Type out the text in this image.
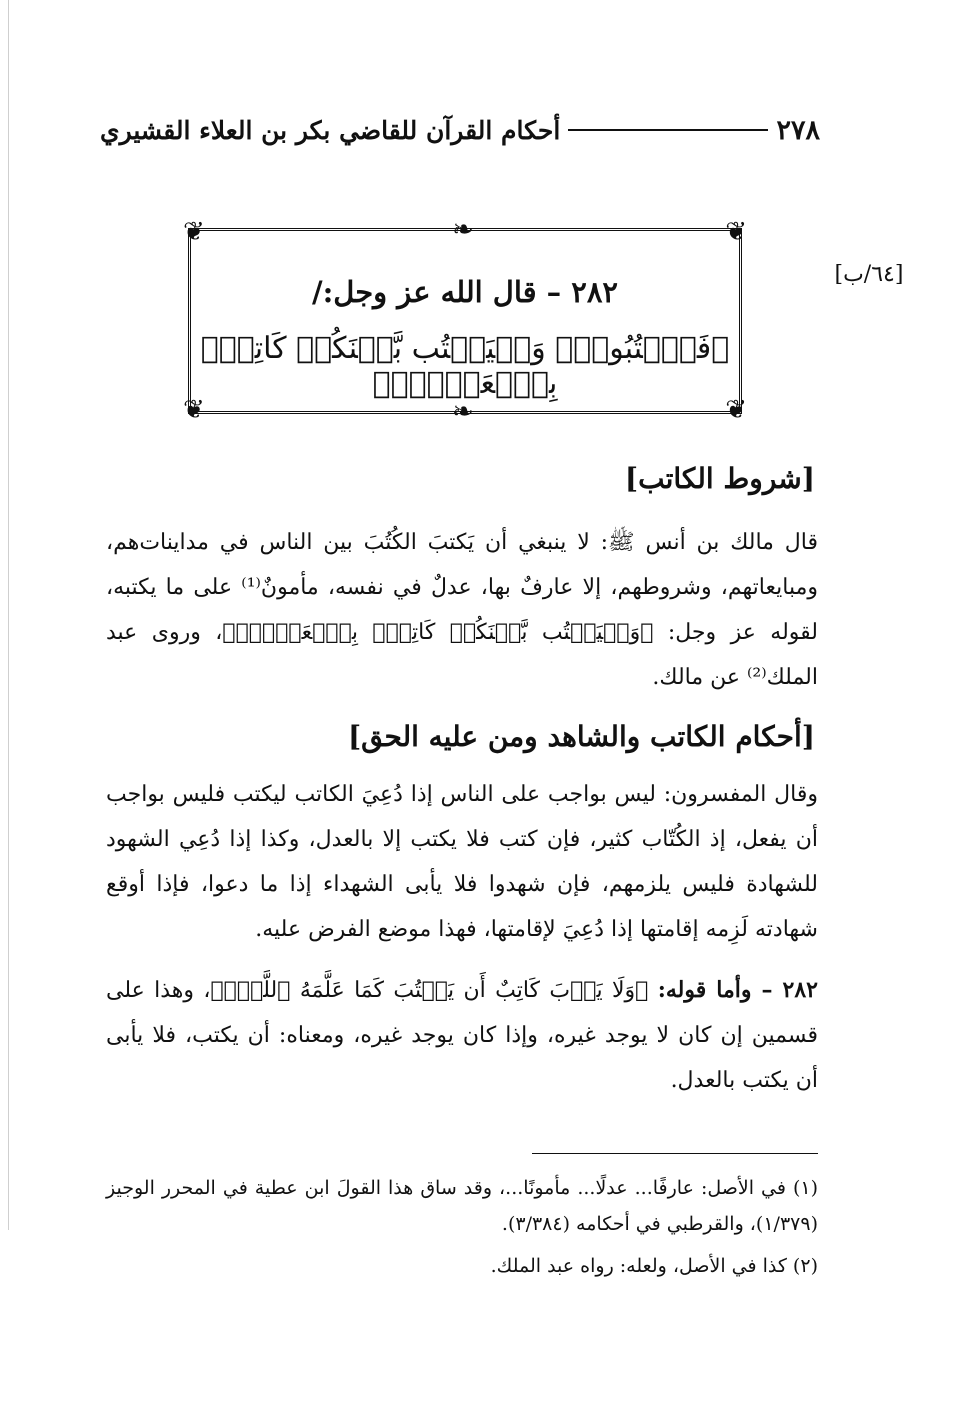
٢٧٨
أحكام القرآن للقاضي بكر بن العلاء القشيري
❦	❦
❦	❦
❧
❧
٢٨٢ – قال الله عز وجل:/
﴿فَٱكۡتُبُوهُۚ وَلۡيَكۡتُب بَّيۡنَكُمۡ كَاتِبُۢ بِٱلۡعَدۡلِۚ﴾
[٦٤/ب]
[شروط الكاتب]
قال مالك بن أنس ﷺ: لا ينبغي أن يَكتبَ الكُتُبَ بين الناس في مداينات‌هم، ومبايعاتهم، وشروطهم، إلا عارفٌ بها، عدلٌ في نفسه، مأمونٌ⁽¹⁾ على ما يكتبه، لقوله عز وجل: ﴿وَلۡيَكۡتُب بَّيۡنَكُمۡ كَاتِبُۢ بِٱلۡعَدۡلِۚ﴾، وروى عبد الملك⁽²⁾ عن مالك.
[أحكام الكاتب والشاهد ومن عليه الحق]
وقال المفسرون: ليس بواجب على الناس إذا دُعِيَ الكاتب ليكتب فليس بواجب أن يفعل، إذ الكُتّاب كثير، فإن كتب فلا يكتب إلا بالعدل، وكذا إذا دُعِي الشهود للشهادة فليس يلزمهم، فإن شهدوا فلا يأبى الشهداء إذا ما دعوا، فإذا أوقع شهادته لَزِمه إقامتها إذا دُعِيَ لإقامتها، فهذا موضع الفرض عليه.
٢٨٢ – وأما قوله: ﴿وَلَا يَأۡبَ كَاتِبٌ أَن يَكۡتُبَ كَمَا عَلَّمَهُ ٱللَّهُۚ﴾، وهذا على قسمين إن كان لا يوجد غيره، وإذا كان يوجد غيره، ومعناه: أن يكتب، فلا يأبى أن يكتب بالعدل.
(١) في الأصل: عارفًا... عدلًا... مأمونًا...، وقد ساق هذا القولَ ابن عطية في المحرر الوجيز (١/٣٧٩)، والقرطبي في أحكامه (٣/٣٨٤).
(٢) كذا في الأصل، ولعله: رواه عبد الملك.
